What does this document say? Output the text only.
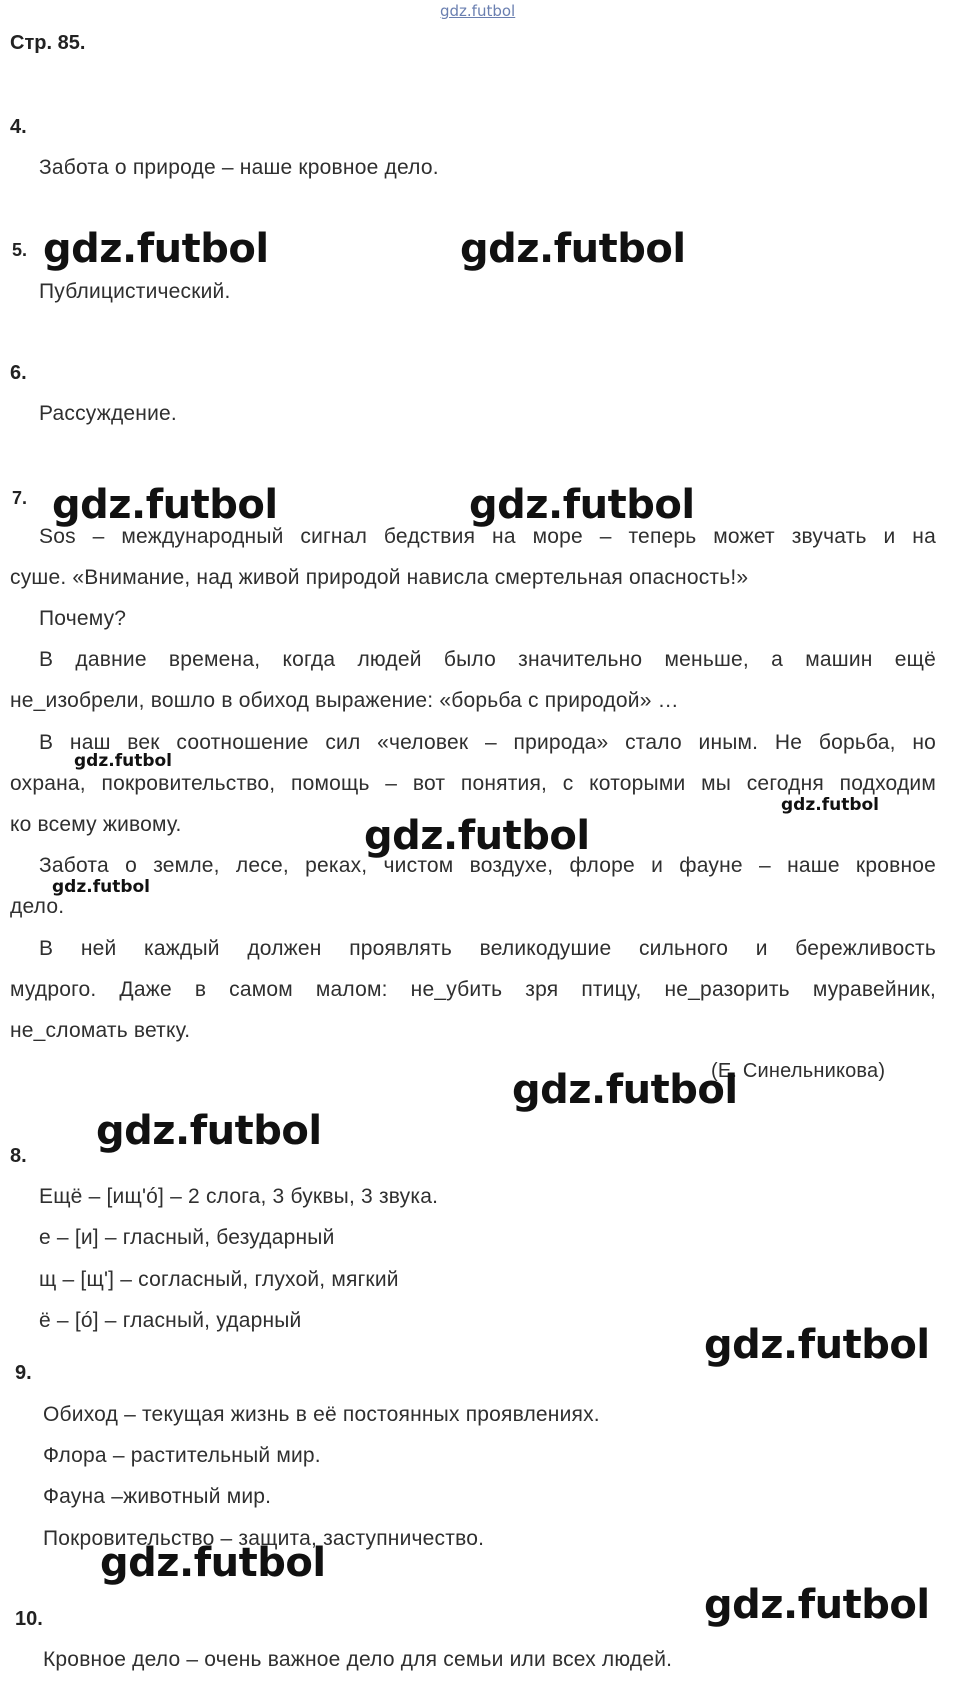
gdz.futbol
Стр. 85.
4.
Забота о природе – наше кровное дело.
5.
Публицистический.
6.
Рассуждение.
7.
Sos – международный сигнал бедствия на море – теперь может звучать и на
суше. «Внимание, над живой природой нависла смертельная опасность!»
Почему?
В давние времена, когда людей было значительно меньше, а машин ещё
не_изобрели, вошло в обиход выражение: «борьба с природой» …
В наш век соотношение сил «человек – природа» стало иным. Не борьба, но
охрана, покровительство, помощь – вот понятия, с которыми мы сегодня подходим
ко всему живому.
Забота о земле, лесе, реках, чистом воздухе, флоре и фауне – наше кровное
дело.
В ней каждый должен проявлять великодушие сильного и бережливость
мудрого. Даже в самом малом: не_убить зря птицу, не_разорить муравейник,
не_сломать ветку.
(Е. Синельникова)
8.
Ещё – [ищ'ó] – 2 слога, 3 буквы, 3 звука.
е – [и] – гласный, безударный
щ – [щ'] – согласный, глухой, мягкий
ё – [ó] – гласный, ударный
9.
Обиход – текущая жизнь в её постоянных проявлениях.
Флора – растительный мир.
Фауна –животный мир.
Покровительство – защита, заступничество.
10.
Кровное дело – очень важное дело для семьи или всех людей.
gdz.futbol	gdz.futbol
gdz.futbol	gdz.futbol
gdz.futbol
gdz.futbol
gdz.futbol
gdz.futbol
gdz.futbol
gdz.futbol
gdz.futbol
gdz.futbol
gdz.futbol
